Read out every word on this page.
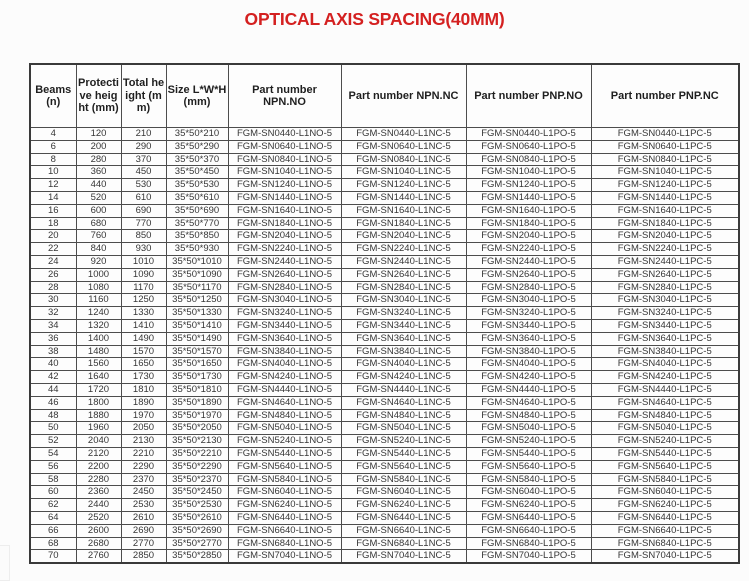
OPTICAL AXIS SPACING(40MM)
Beams (n)	Protective height (mm)	Total height (mm)	Size L*W*H (mm)	Part number NPN.NO	Part number NPN.NC	Part number PNP.NO	Part number PNP.NC
4	120	210	35*50*210	FGM-SN0440-L1NO-5	FGM-SN0440-L1NC-5	FGM-SN0440-L1PO-5	FGM-SN0440-L1PC-5
6	200	290	35*50*290	FGM-SN0640-L1NO-5	FGM-SN0640-L1NC-5	FGM-SN0640-L1PO-5	FGM-SN0640-L1PC-5
8	280	370	35*50*370	FGM-SN0840-L1NO-5	FGM-SN0840-L1NC-5	FGM-SN0840-L1PO-5	FGM-SN0840-L1PC-5
10	360	450	35*50*450	FGM-SN1040-L1NO-5	FGM-SN1040-L1NC-5	FGM-SN1040-L1PO-5	FGM-SN1040-L1PC-5
12	440	530	35*50*530	FGM-SN1240-L1NO-5	FGM-SN1240-L1NC-5	FGM-SN1240-L1PO-5	FGM-SN1240-L1PC-5
14	520	610	35*50*610	FGM-SN1440-L1NO-5	FGM-SN1440-L1NC-5	FGM-SN1440-L1PO-5	FGM-SN1440-L1PC-5
16	600	690	35*50*690	FGM-SN1640-L1NO-5	FGM-SN1640-L1NC-5	FGM-SN1640-L1PO-5	FGM-SN1640-L1PC-5
18	680	770	35*50*770	FGM-SN1840-L1NO-5	FGM-SN1840-L1NC-5	FGM-SN1840-L1PO-5	FGM-SN1840-L1PC-5
20	760	850	35*50*850	FGM-SN2040-L1NO-5	FGM-SN2040-L1NC-5	FGM-SN2040-L1PO-5	FGM-SN2040-L1PC-5
22	840	930	35*50*930	FGM-SN2240-L1NO-5	FGM-SN2240-L1NC-5	FGM-SN2240-L1PO-5	FGM-SN2240-L1PC-5
24	920	1010	35*50*1010	FGM-SN2440-L1NO-5	FGM-SN2440-L1NC-5	FGM-SN2440-L1PO-5	FGM-SN2440-L1PC-5
26	1000	1090	35*50*1090	FGM-SN2640-L1NO-5	FGM-SN2640-L1NC-5	FGM-SN2640-L1PO-5	FGM-SN2640-L1PC-5
28	1080	1170	35*50*1170	FGM-SN2840-L1NO-5	FGM-SN2840-L1NC-5	FGM-SN2840-L1PO-5	FGM-SN2840-L1PC-5
30	1160	1250	35*50*1250	FGM-SN3040-L1NO-5	FGM-SN3040-L1NC-5	FGM-SN3040-L1PO-5	FGM-SN3040-L1PC-5
32	1240	1330	35*50*1330	FGM-SN3240-L1NO-5	FGM-SN3240-L1NC-5	FGM-SN3240-L1PO-5	FGM-SN3240-L1PC-5
34	1320	1410	35*50*1410	FGM-SN3440-L1NO-5	FGM-SN3440-L1NC-5	FGM-SN3440-L1PO-5	FGM-SN3440-L1PC-5
36	1400	1490	35*50*1490	FGM-SN3640-L1NO-5	FGM-SN3640-L1NC-5	FGM-SN3640-L1PO-5	FGM-SN3640-L1PC-5
38	1480	1570	35*50*1570	FGM-SN3840-L1NO-5	FGM-SN3840-L1NC-5	FGM-SN3840-L1PO-5	FGM-SN3840-L1PC-5
40	1560	1650	35*50*1650	FGM-SN4040-L1NO-5	FGM-SN4040-L1NC-5	FGM-SN4040-L1PO-5	FGM-SN4040-L1PC-5
42	1640	1730	35*50*1730	FGM-SN4240-L1NO-5	FGM-SN4240-L1NC-5	FGM-SN4240-L1PO-5	FGM-SN4240-L1PC-5
44	1720	1810	35*50*1810	FGM-SN4440-L1NO-5	FGM-SN4440-L1NC-5	FGM-SN4440-L1PO-5	FGM-SN4440-L1PC-5
46	1800	1890	35*50*1890	FGM-SN4640-L1NO-5	FGM-SN4640-L1NC-5	FGM-SN4640-L1PO-5	FGM-SN4640-L1PC-5
48	1880	1970	35*50*1970	FGM-SN4840-L1NO-5	FGM-SN4840-L1NC-5	FGM-SN4840-L1PO-5	FGM-SN4840-L1PC-5
50	1960	2050	35*50*2050	FGM-SN5040-L1NO-5	FGM-SN5040-L1NC-5	FGM-SN5040-L1PO-5	FGM-SN5040-L1PC-5
52	2040	2130	35*50*2130	FGM-SN5240-L1NO-5	FGM-SN5240-L1NC-5	FGM-SN5240-L1PO-5	FGM-SN5240-L1PC-5
54	2120	2210	35*50*2210	FGM-SN5440-L1NO-5	FGM-SN5440-L1NC-5	FGM-SN5440-L1PO-5	FGM-SN5440-L1PC-5
56	2200	2290	35*50*2290	FGM-SN5640-L1NO-5	FGM-SN5640-L1NC-5	FGM-SN5640-L1PO-5	FGM-SN5640-L1PC-5
58	2280	2370	35*50*2370	FGM-SN5840-L1NO-5	FGM-SN5840-L1NC-5	FGM-SN5840-L1PO-5	FGM-SN5840-L1PC-5
60	2360	2450	35*50*2450	FGM-SN6040-L1NO-5	FGM-SN6040-L1NC-5	FGM-SN6040-L1PO-5	FGM-SN6040-L1PC-5
62	2440	2530	35*50*2530	FGM-SN6240-L1NO-5	FGM-SN6240-L1NC-5	FGM-SN6240-L1PO-5	FGM-SN6240-L1PC-5
64	2520	2610	35*50*2610	FGM-SN6440-L1NO-5	FGM-SN6440-L1NC-5	FGM-SN6440-L1PO-5	FGM-SN6440-L1PC-5
66	2600	2690	35*50*2690	FGM-SN6640-L1NO-5	FGM-SN6640-L1NC-5	FGM-SN6640-L1PO-5	FGM-SN6640-L1PC-5
68	2680	2770	35*50*2770	FGM-SN6840-L1NO-5	FGM-SN6840-L1NC-5	FGM-SN6840-L1PO-5	FGM-SN6840-L1PC-5
70	2760	2850	35*50*2850	FGM-SN7040-L1NO-5	FGM-SN7040-L1NC-5	FGM-SN7040-L1PO-5	FGM-SN7040-L1PC-5
